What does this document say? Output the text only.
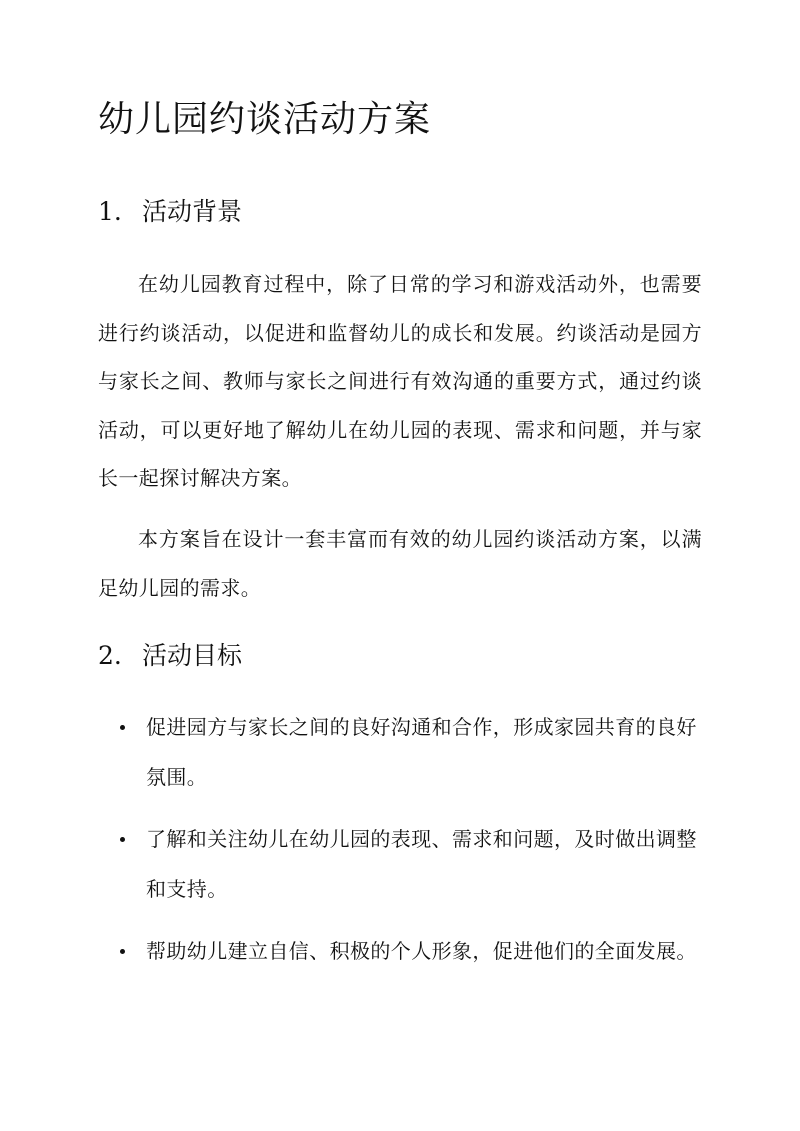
幼儿园约谈活动方案
1. 活动背景

在幼儿园教育过程中，除了日常的学习和游戏活动外，也需要进行约谈活动，以促进和监督幼儿的成长和发展。约谈活动是园方与家长之间、教师与家长之间进行有效沟通的重要方式，通过约谈活动，可以更好地了解幼儿在幼儿园的表现、需求和问题，并与家长一起探讨解决方案。

本方案旨在设计一套丰富而有效的幼儿园约谈活动方案，以满足幼儿园的需求。

2. 活动目标
促进园方与家长之间的良好沟通和合作，形成家园共育的良好氛围。
了解和关注幼儿在幼儿园的表现、需求和问题，及时做出调整和支持。
帮助幼儿建立自信、积极的个人形象，促进他们的全面发展。
